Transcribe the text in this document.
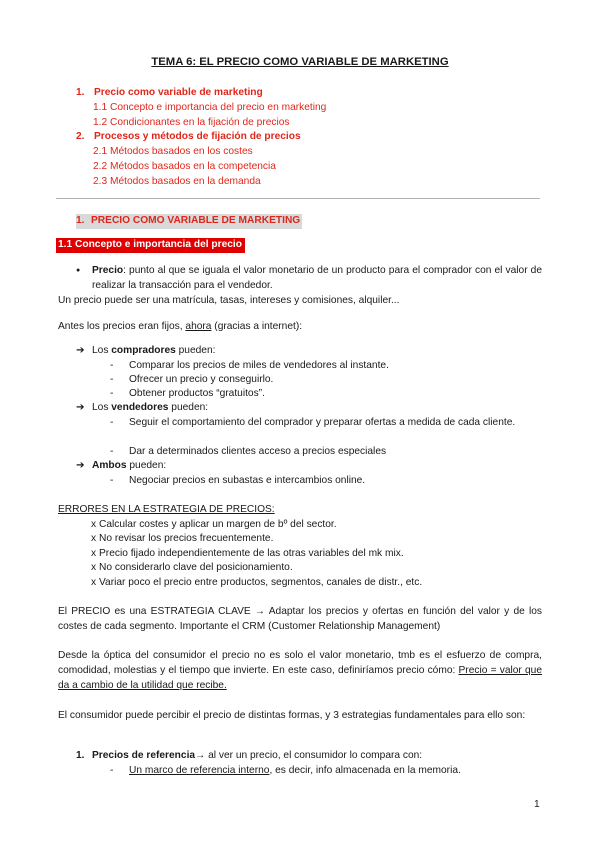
TEMA 6: EL PRECIO COMO VARIABLE DE MARKETING
1. Precio como variable de marketing
1.1 Concepto e importancia del precio en marketing
1.2 Condicionantes en la fijación de precios
2. Procesos y métodos de fijación de precios
2.1 Métodos basados en los costes
2.2 Métodos basados en la competencia
2.3 Métodos basados en la demanda
1. PRECIO COMO VARIABLE DE MARKETING
1.1 Concepto e importancia del precio
●	Precio: punto al que se iguala el valor monetario de un producto para el comprador con el valor de realizar la transacción para el vendedor.
Un precio puede ser una matrícula, tasas, intereses y comisiones, alquiler...
Antes los precios eran fijos, ahora (gracias a internet):
➔ Los compradores pueden:
-	Comparar los precios de miles de vendedores al instante.
-	Ofrecer un precio y conseguirlo.
-	Obtener productos “gratuitos”.
➔ Los vendedores pueden:
-	Seguir el comportamiento del comprador y preparar ofertas a medida de cada cliente.
-	Dar a determinados clientes acceso a precios especiales
➔ Ambos pueden:
-	Negociar precios en subastas e intercambios online.
ERRORES EN LA ESTRATEGIA DE PRECIOS:
x Calcular costes y aplicar un margen de bº del sector.
x No revisar los precios frecuentemente.
x Precio fijado independientemente de las otras variables del mk mix.
x No considerarlo clave del posicionamiento.
x Variar poco el precio entre productos, segmentos, canales de distr., etc.
El PRECIO es una ESTRATEGIA CLAVE → Adaptar los precios y ofertas en función del valor y de los costes de cada segmento. Importante el CRM (Customer Relationship Management)
Desde la óptica del consumidor el precio no es solo el valor monetario, tmb es el esfuerzo de compra, comodidad, molestias y el tiempo que invierte. En este caso, definiríamos precio cómo: Precio = valor que da a cambio de la utilidad que recibe.
El consumidor puede percibir el precio de distintas formas, y 3 estrategias fundamentales para ello son:
1. Precios de referencia→ al ver un precio, el consumidor lo compara con:
-	Un marco de referencia interno, es decir, info almacenada en la memoria.
1
